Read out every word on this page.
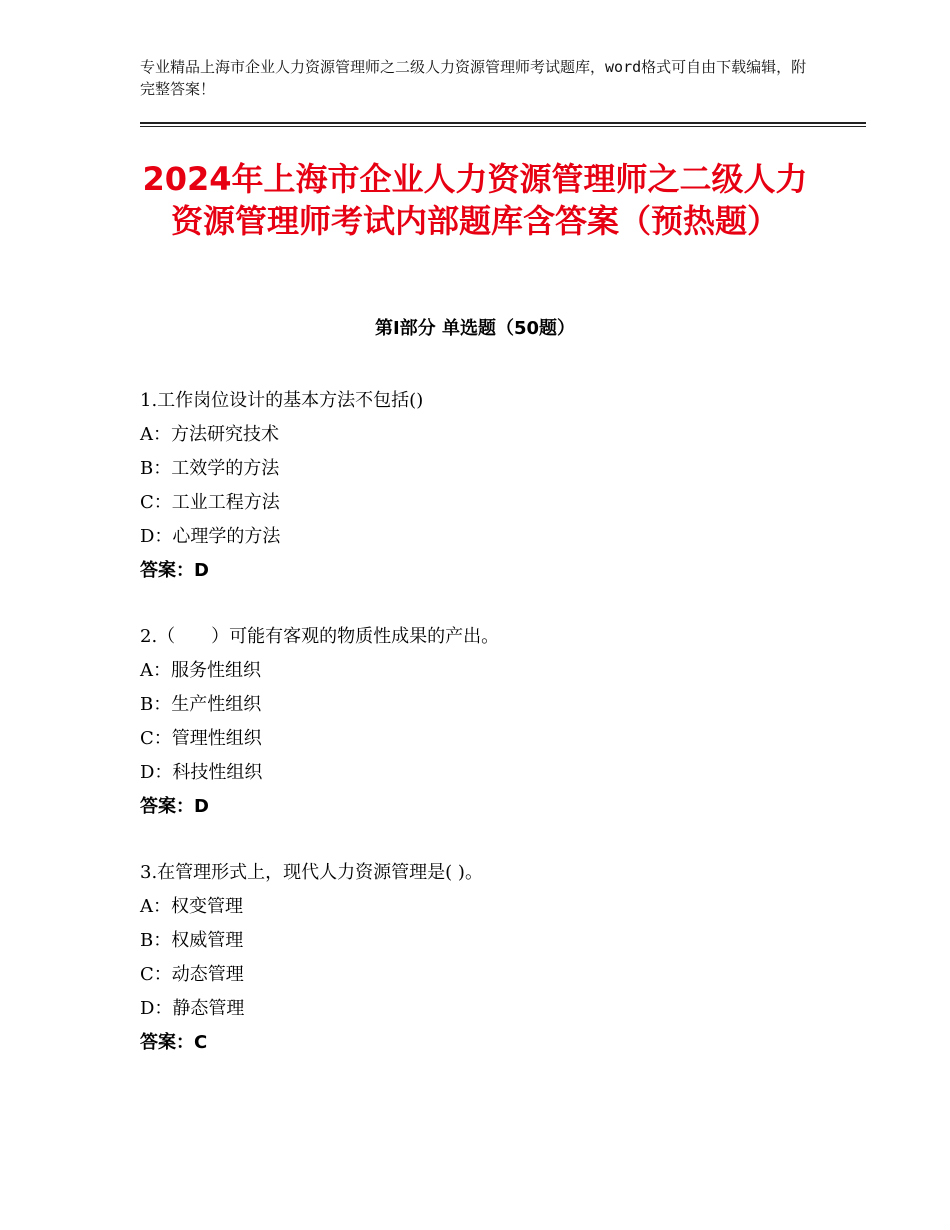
专业精品上海市企业人力资源管理师之二级人力资源管理师考试题库，word格式可自由下载编辑，附完整答案！
2024年上海市企业人力资源管理师之二级人力资源管理师考试内部题库含答案（预热题）
第Ⅰ部分 单选题（50题）
1.工作岗位设计的基本方法不包括()
A：方法研究技术
B：工效学的方法
C：工业工程方法
D：心理学的方法
答案：D
2.（　　）可能有客观的物质性成果的产出。
A：服务性组织
B：生产性组织
C：管理性组织
D：科技性组织
答案：D
3.在管理形式上，现代人力资源管理是( )。
A：权变管理
B：权威管理
C：动态管理
D：静态管理
答案：C
